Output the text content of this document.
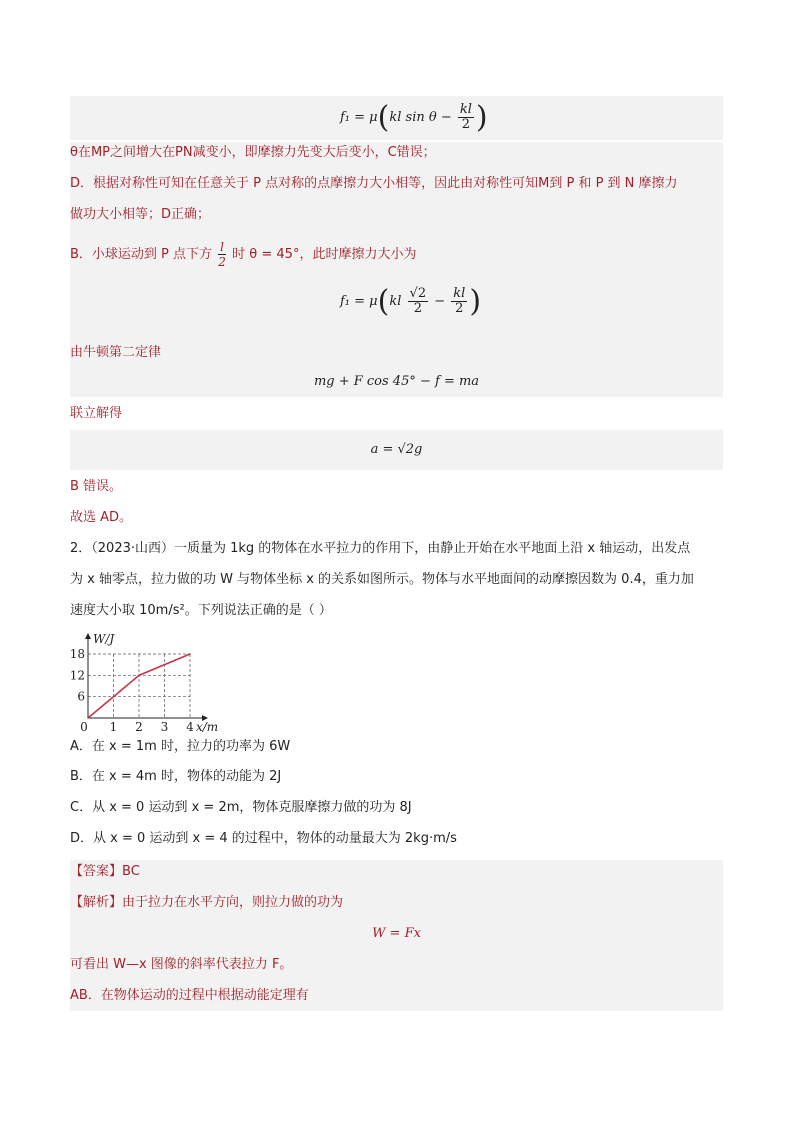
f₁ = μ(kl $\sin \theta - \frac{kl}{2}$ )
θ在MP之间增大在PN减变小，即摩擦力先变大后变小，C错误；
D．根据对称性可知在任意关于 P 点对称的点摩擦力大小相等，因此由对称性可知M到 P 和 P 到 N 摩擦力
做功大小相等；D正确；
B．小球运动到 P 点下方 $\frac{l}{2}$ 时 θ = 45°，此时摩擦力大小为
$f_1 = \mu(kl \frac{√2}{2} - \frac{kl}{2}$ )
由牛顿第二定律
mg + F cos 45° − f = ma
联立解得
a = √2g
B 错误。
故选 AD。
2．（2023·山西）一质量为 1kg 的物体在水平拉力的作用下，由静止开始在水平地面上沿 x 轴运动，出发点
为 x 轴零点，拉力做的功 W 与物体坐标 x 的关系如图所示。物体与水平地面间的动摩擦因数为 0.4，重力加
速度大小取 10m/s²。下列说法正确的是（ ）
0 1 2 3 4
6
12
18
W/J
x/m
A．在 x = 1m 时，拉力的功率为 6W
B．在 x = 4m 时，物体的动能为 2J
C．从 x = 0 运动到 x = 2m，物体克服摩擦力做的功为 8J
D．从 x = 0 运动到 x = 4 的过程中，物体的动量最大为 2kg·m/s
【答案】BC
【解析】由于拉力在水平方向，则拉力做的功为
W = Fx
可看出 W—x 图像的斜率代表拉力 F。
AB．在物体运动的过程中根据动能定理有
